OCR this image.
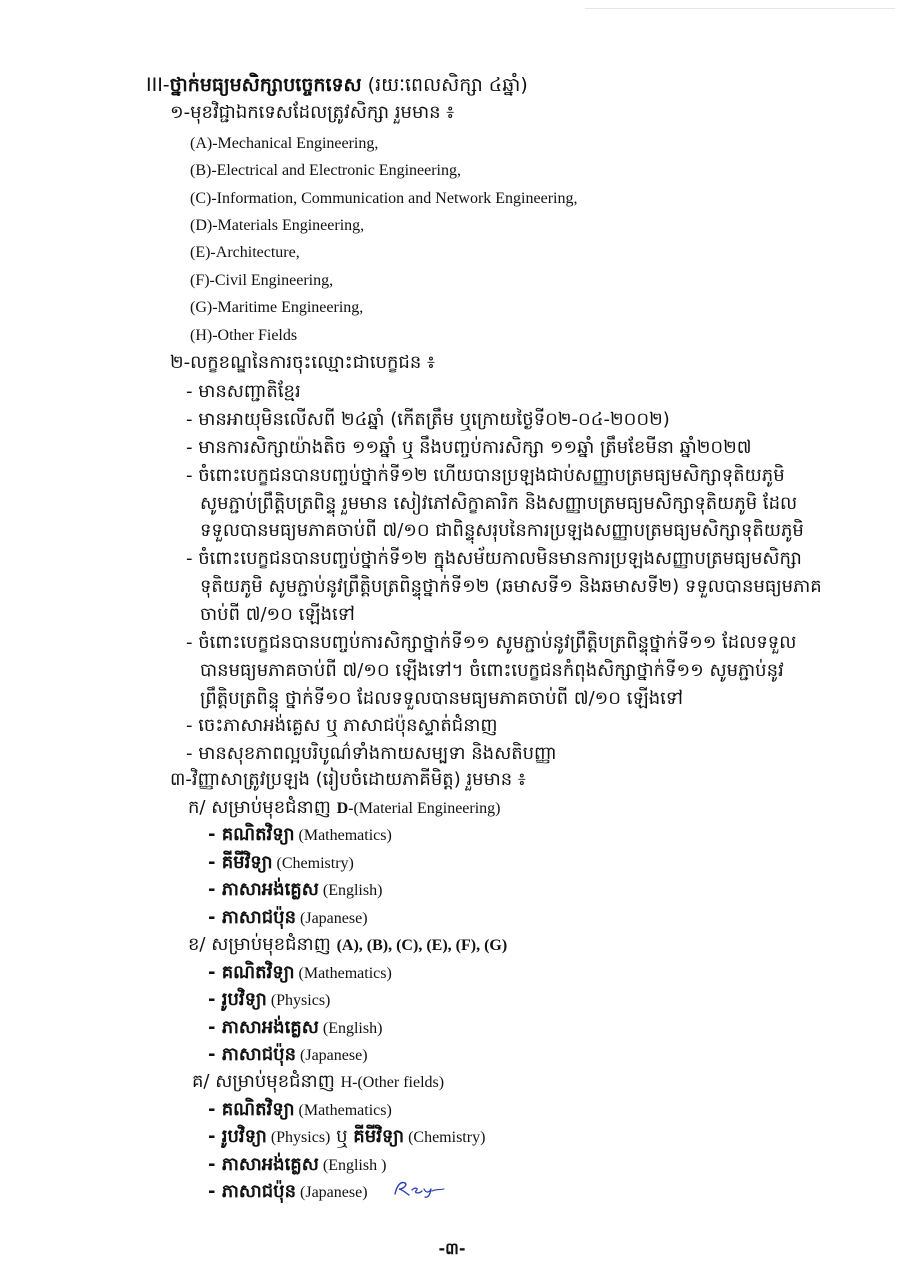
III-ថ្នាក់មធ្យមសិក្សាបច្ចេកទេស (រយៈពេលសិក្សា ៤ឆ្នាំ)
១-មុខវិជ្ជាឯកទេសដែលត្រូវសិក្សា រួមមាន ៖
(A)-Mechanical Engineering,
(B)-Electrical and Electronic Engineering,
(C)-Information, Communication and Network Engineering,
(D)-Materials Engineering,
(E)-Architecture,
(F)-Civil Engineering,
(G)-Maritime Engineering,
(H)-Other Fields
២-លក្ខខណ្ឌនៃការចុះឈ្មោះជាបេក្ខជន ៖
- មានសញ្ជាតិខ្មែរ
- មានអាយុមិនលើសពី ២៤ឆ្នាំ (កើតត្រឹម ឬក្រោយថ្ងៃទី០២-០៤-២០០២)
- មានការសិក្សាយ៉ាងតិច ១១ឆ្នាំ ឬ នឹងបញ្ចប់ការសិក្សា ១១ឆ្នាំ ត្រឹមខែមីនា ឆ្នាំ២០២៧
- ចំពោះបេក្ខជនបានបញ្ចប់ថ្នាក់ទី១២ ហើយបានប្រឡងជាប់សញ្ញាបត្រមធ្យមសិក្សាទុតិយភូមិ
សូមភ្ជាប់ព្រឹត្តិបត្រពិន្ទុ រួមមាន សៀវភៅសិក្ខាគារិក និងសញ្ញាបត្រមធ្យមសិក្សាទុតិយភូមិ ដែល
ទទួលបានមធ្យមភាគចាប់ពី ៧/១០ ជាពិន្ទុសរុបនៃការប្រឡងសញ្ញាបត្រមធ្យមសិក្សាទុតិយភូមិ
- ចំពោះបេក្ខជនបានបញ្ចប់ថ្នាក់ទី១២ ក្នុងសម័យកាលមិនមានការប្រឡងសញ្ញាបត្រមធ្យមសិក្សា
ទុតិយភូមិ សូមភ្ជាប់នូវព្រឹត្តិបត្រពិន្ទុថ្នាក់ទី១២ (ឆមាសទី១ និងឆមាសទី២) ទទួលបានមធ្យមភាគ
ចាប់ពី ៧/១០ ឡើងទៅ
- ចំពោះបេក្ខជនបានបញ្ចប់ការសិក្សាថ្នាក់ទី១១ សូមភ្ជាប់នូវព្រឹត្តិបត្រពិន្ទុថ្នាក់ទី១១ ដែលទទួល
បានមធ្យមភាគចាប់ពី ៧/១០ ឡើងទៅ។ ចំពោះបេក្ខជនកំពុងសិក្សាថ្នាក់ទី១១ សូមភ្ជាប់នូវ
ព្រឹត្តិបត្រពិន្ទុ ថ្នាក់ទី១០ ដែលទទួលបានមធ្យមភាគចាប់ពី ៧/១០ ឡើងទៅ
- ចេះភាសាអង់គ្លេស ឬ ភាសាជប៉ុនស្ទាត់ជំនាញ
- មានសុខភាពល្អបរិបូណ៌ទាំងកាយសម្បទា និងសតិបញ្ញា
៣-វិញ្ញាសាត្រូវប្រឡង (រៀបចំដោយភាគីមិត្ត) រួមមាន ៖
ក/ សម្រាប់មុខជំនាញ D-(Material Engineering)
- គណិតវិទ្យា (Mathematics)
- គីមីវិទ្យា (Chemistry)
- ភាសាអង់គ្លេស (English)
- ភាសាជប៉ុន (Japanese)
ខ/ សម្រាប់មុខជំនាញ (A), (B), (C), (E), (F), (G)
- គណិតវិទ្យា (Mathematics)
- រូបវិទ្យា (Physics)
- ភាសាអង់គ្លេស (English)
- ភាសាជប៉ុន (Japanese)
គ/ សម្រាប់មុខជំនាញ H-(Other fields)
- គណិតវិទ្យា (Mathematics)
- រូបវិទ្យា (Physics) ឬ គីមីវិទ្យា (Chemistry)
- ភាសាអង់គ្លេស (English )
- ភាសាជប៉ុន (Japanese)
-៣-
